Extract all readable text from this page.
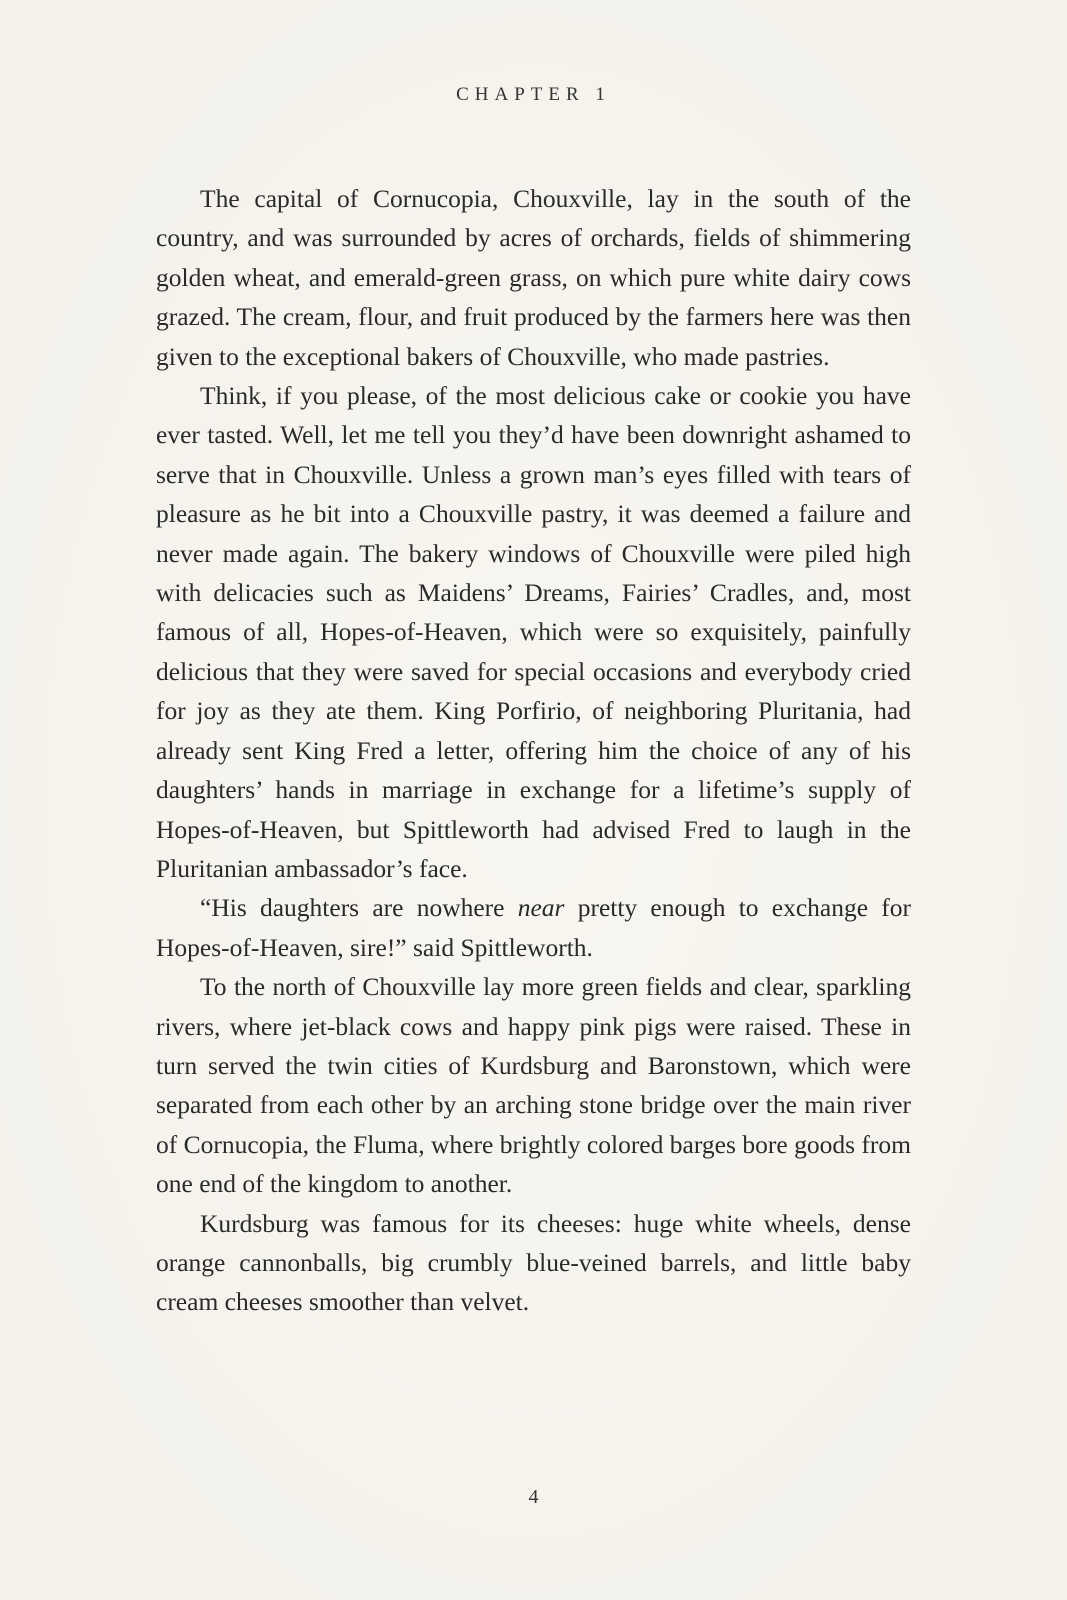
CHAPTER 1

The capital of Cornucopia, Chouxville, lay in the south of the country, and was surrounded by acres of orchards, fields of shimmering golden wheat, and emerald-green grass, on which pure white dairy cows grazed. The cream, flour, and fruit produced by the farmers here was then given to the exceptional bakers of Chouxville, who made pastries.

Think, if you please, of the most delicious cake or cookie you have ever tasted. Well, let me tell you they’d have been downright ashamed to serve that in Chouxville. Unless a grown man’s eyes filled with tears of pleasure as he bit into a Chouxville pastry, it was deemed a failure and never made again. The bakery windows of Chouxville were piled high with delicacies such as Maidens’ Dreams, Fairies’ Cradles, and, most famous of all, Hopes-of-Heaven, which were so exquisitely, painfully delicious that they were saved for special occasions and everybody cried for joy as they ate them. King Porfirio, of neighboring Pluritania, had already sent King Fred a letter, offering him the choice of any of his daughters’ hands in marriage in exchange for a lifetime’s supply of Hopes-of-Heaven, but Spittleworth had advised Fred to laugh in the Pluritanian ambassador’s face.

“His daughters are nowhere near pretty enough to exchange for Hopes-of-Heaven, sire!” said Spittleworth.

To the north of Chouxville lay more green fields and clear, sparkling rivers, where jet-black cows and happy pink pigs were raised. These in turn served the twin cities of Kurdsburg and Baronstown, which were separated from each other by an arching stone bridge over the main river of Cornucopia, the Fluma, where brightly colored barges bore goods from one end of the kingdom to another.

Kurdsburg was famous for its cheeses: huge white wheels, dense orange cannonballs, big crumbly blue-veined barrels, and little baby cream cheeses smoother than velvet.

4
